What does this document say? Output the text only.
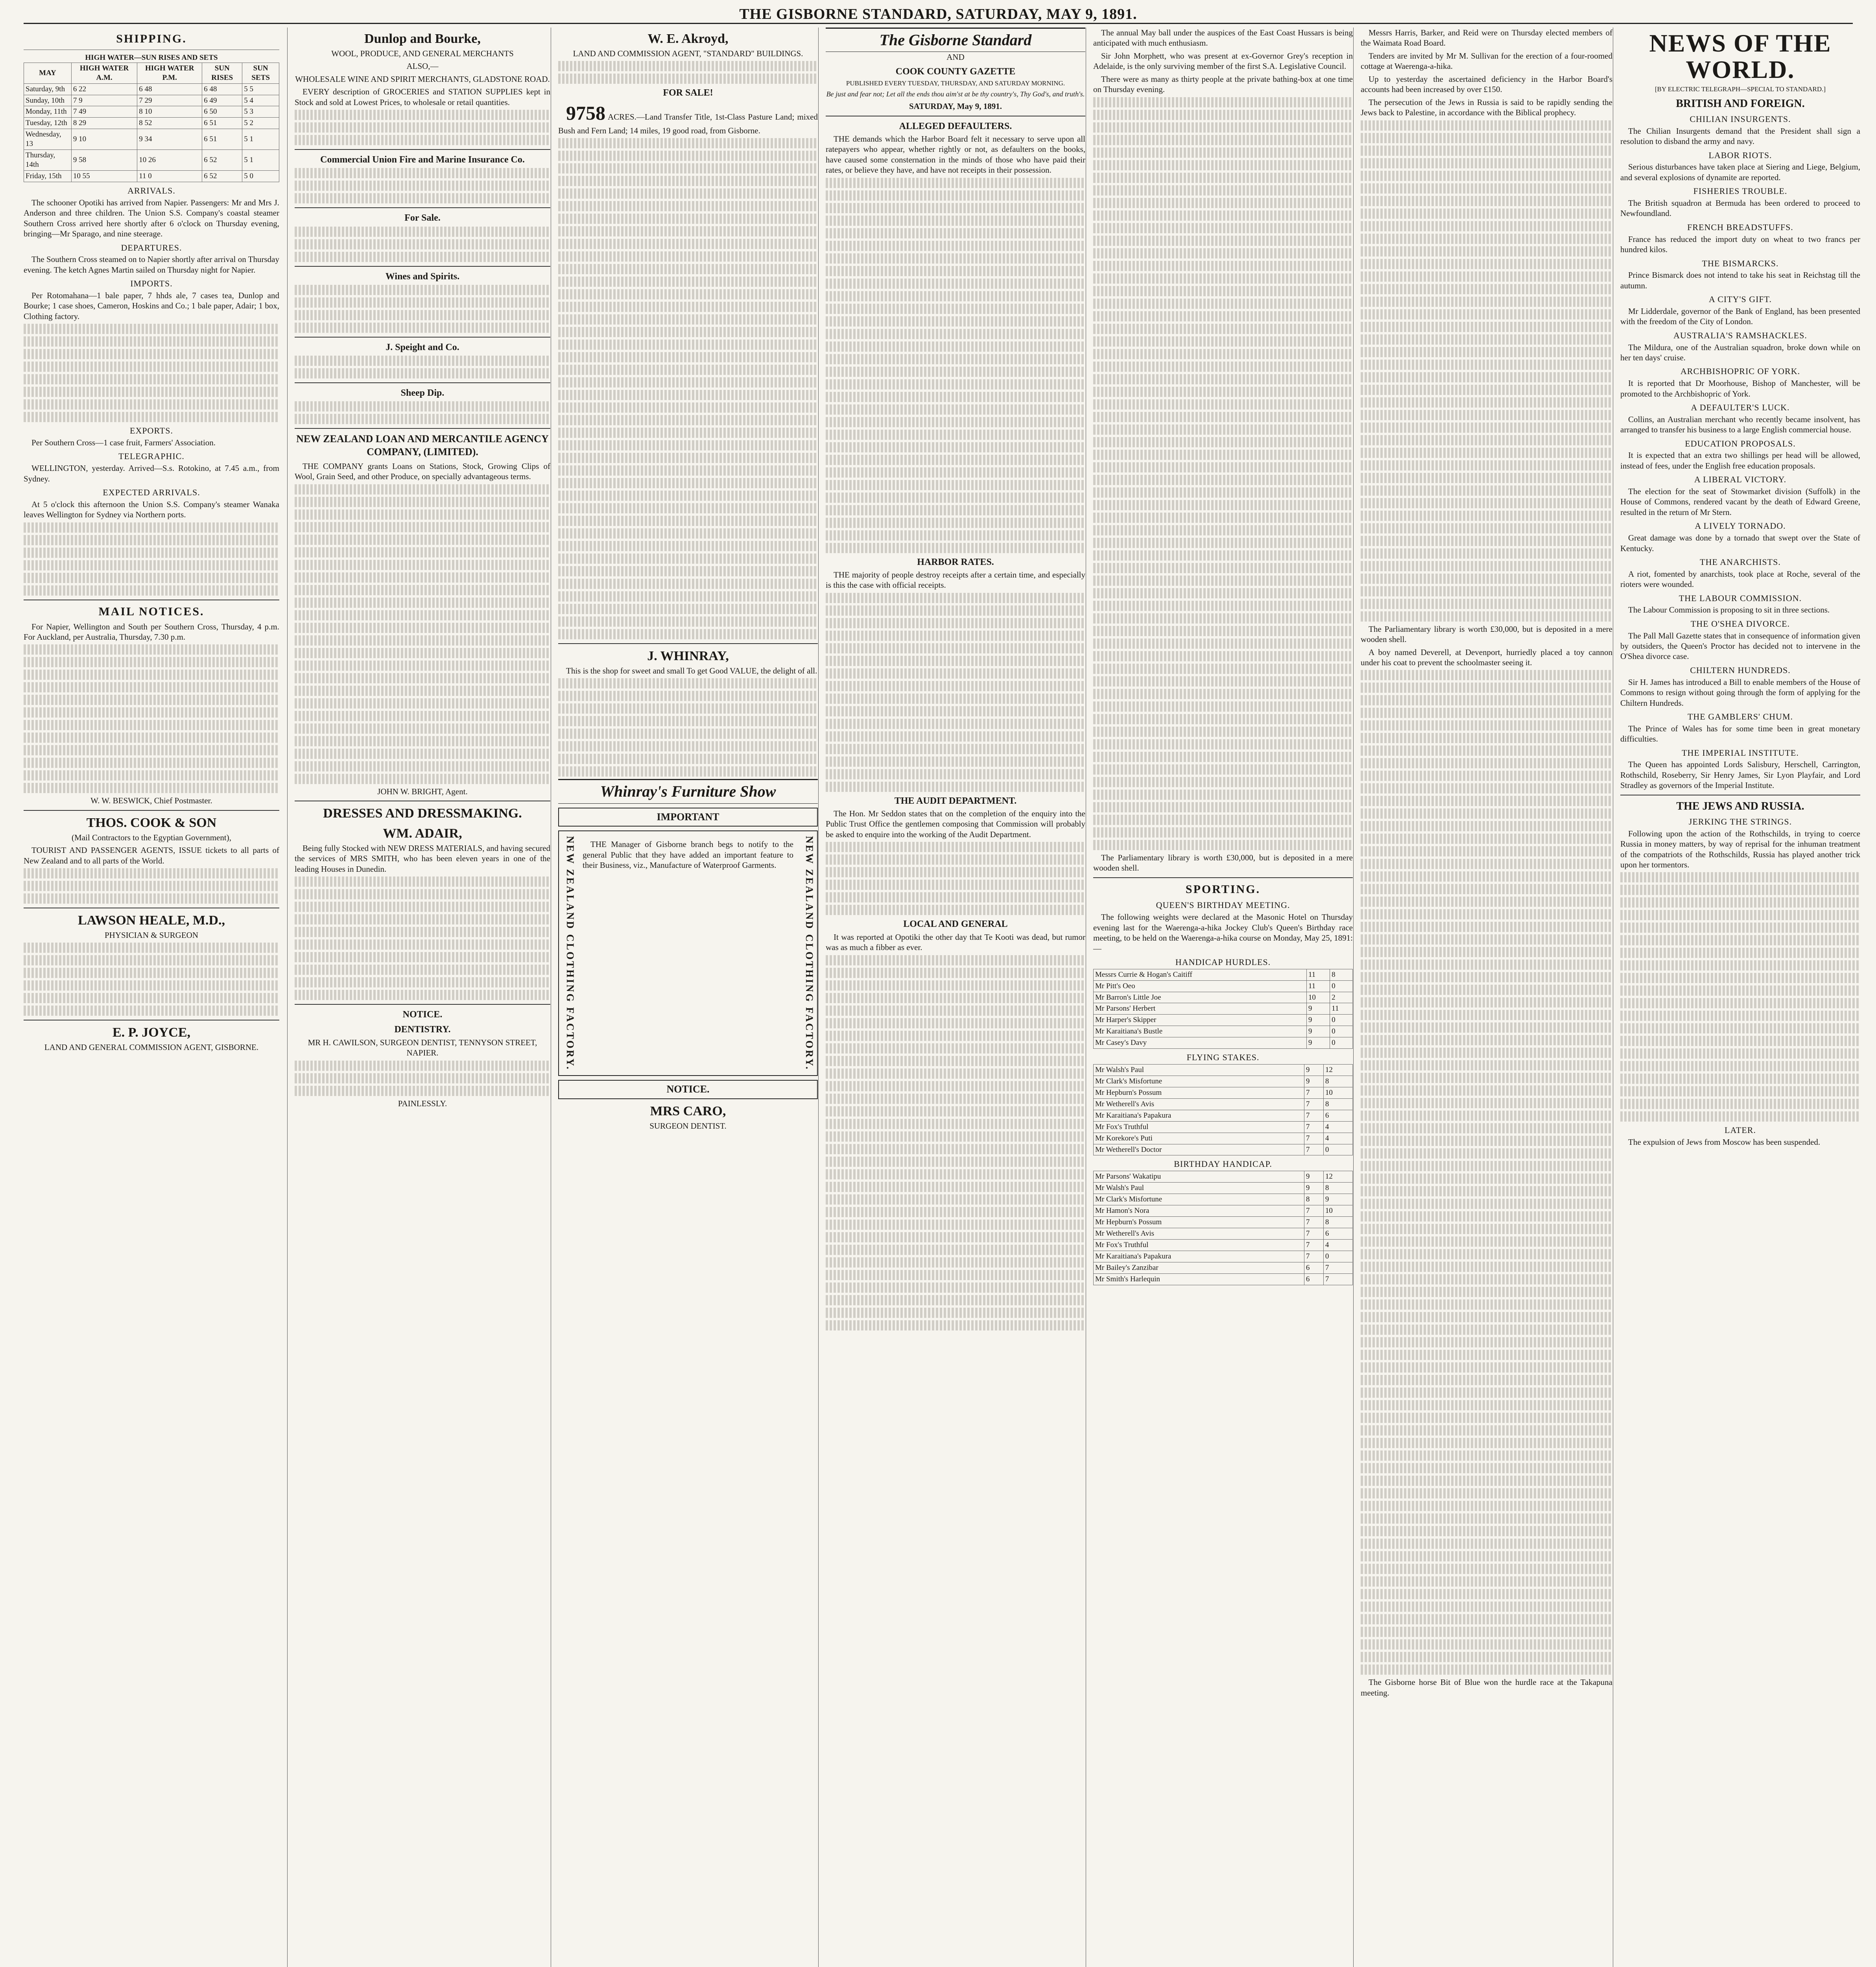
THE GISBORNE STANDARD, SATURDAY, MAY 9, 1891.
SHIPPING.
HIGH WATER—SUN RISES AND SETS
MAY	HIGH WATER A.M.	HIGH WATER P.M.	SUN RISES	SUN SETS
Saturday, 9th	6 22	6 48	6 48	5 5
Sunday, 10th	7 9	7 29	6 49	5 4
Monday, 11th	7 49	8 10	6 50	5 3
Tuesday, 12th	8 29	8 52	6 51	5 2
Wednesday, 13	9 10	9 34	6 51	5 1
Thursday, 14th	9 58	10 26	6 52	5 1
Friday, 15th	10 55	11 0	6 52	5 0
ARRIVALS.

The schooner Opotiki has arrived from Napier. Passengers: Mr and Mrs J. Anderson and three children. The Union S.S. Company's coastal steamer Southern Cross arrived here shortly after 6 o'clock on Thursday evening, bringing—Mr Sparago, and nine steerage.

DEPARTURES.

The Southern Cross steamed on to Napier shortly after arrival on Thursday evening. The ketch Agnes Martin sailed on Thursday night for Napier.

IMPORTS.

Per Rotomahana—1 bale paper, 7 hhds ale, 7 cases tea, Dunlop and Bourke; 1 case shoes, Cameron, Hoskins and Co.; 1 bale paper, Adair; 1 box, Clothing factory.

EXPORTS.

Per Southern Cross—1 case fruit, Farmers' Association.

TELEGRAPHIC.

WELLINGTON, yesterday. Arrived—S.s. Rotokino, at 7.45 a.m., from Sydney.

EXPECTED ARRIVALS.

At 5 o'clock this afternoon the Union S.S. Company's steamer Wanaka leaves Wellington for Sydney via Northern ports.

MAIL NOTICES.

For Napier, Wellington and South per Southern Cross, Thursday, 4 p.m. For Auckland, per Australia, Thursday, 7.30 p.m.

W. W. BESWICK, Chief Postmaster.

THOS. COOK & SON

(Mail Contractors to the Egyptian Government),

TOURIST AND PASSENGER AGENTS, ISSUE tickets to all parts of New Zealand and to all parts of the World.

LAWSON HEALE, M.D.,

PHYSICIAN & SURGEON

E. P. JOYCE,

LAND AND GENERAL COMMISSION AGENT, GISBORNE.

Dunlop and Bourke,

WOOL, PRODUCE, AND GENERAL MERCHANTS

ALSO,—

WHOLESALE WINE AND SPIRIT MERCHANTS, GLADSTONE ROAD.

EVERY description of GROCERIES and STATION SUPPLIES kept in Stock and sold at Lowest Prices, to wholesale or retail quantities.

Commercial Union Fire and Marine Insurance Co.
For Sale.
Wines and Spirits.
J. Speight and Co.
Sheep Dip.

NEW ZEALAND LOAN AND MERCANTILE AGENCY COMPANY, (LIMITED).

THE COMPANY grants Loans on Stations, Stock, Growing Clips of Wool, Grain Seed, and other Produce, on specially advantageous terms.

JOHN W. BRIGHT, Agent.

DRESSES AND DRESSMAKING.
WM. ADAIR,

Being fully Stocked with NEW DRESS MATERIALS, and having secured the services of MRS SMITH, who has been eleven years in one of the leading Houses in Dunedin.

NOTICE.
DENTISTRY.

MR H. CAWILSON, SURGEON DENTIST, TENNYSON STREET, NAPIER.

PAINLESSLY.

W. E. Akroyd,

LAND AND COMMISSION AGENT, "STANDARD" BUILDINGS.

FOR SALE!

9758 ACRES.—Land Transfer Title, 1st-Class Pasture Land; mixed Bush and Fern Land; 14 miles, 19 good road, from Gisborne.

J. WHINRAY,

This is the shop for sweet and small To get Good VALUE, the delight of all.

Whinray's Furniture Show
IMPORTANT
NEW ZEALAND CLOTHING FACTORY.	NEW ZEALAND CLOTHING FACTORY.

THE Manager of Gisborne branch begs to notify to the general Public that they have added an important feature to their Business, viz., Manufacture of Waterproof Garments.

NOTICE.
MRS CARO,

SURGEON DENTIST.

The Gisborne Standard

AND

COOK COUNTY GAZETTE

PUBLISHED EVERY TUESDAY, THURSDAY, AND SATURDAY MORNING.

Be just and fear not; Let all the ends thou aim'st at be thy country's, Thy God's, and truth's.

SATURDAY, May 9, 1891.

ALLEGED DEFAULTERS.

THE demands which the Harbor Board felt it necessary to serve upon all ratepayers who appear, whether rightly or not, as defaulters on the books, have caused some consternation in the minds of those who have paid their rates, or believe they have, and have not receipts in their possession.

HARBOR RATES.

THE majority of people destroy receipts after a certain time, and especially is this the case with official receipts.

THE AUDIT DEPARTMENT.

The Hon. Mr Seddon states that on the completion of the enquiry into the Public Trust Office the gentlemen composing that Commission will probably be asked to enquire into the working of the Audit Department.

LOCAL AND GENERAL

It was reported at Opotiki the other day that Te Kooti was dead, but rumor was as much a fibber as ever.

The annual May ball under the auspices of the East Coast Hussars is being anticipated with much enthusiasm.

Sir John Morphett, who was present at ex-Governor Grey's reception in Adelaide, is the only surviving member of the first S.A. Legislative Council.

There were as many as thirty people at the private bathing-box at one time on Thursday evening.

The Parliamentary library is worth £30,000, but is deposited in a mere wooden shell.

SPORTING.
QUEEN'S BIRTHDAY MEETING.

The following weights were declared at the Masonic Hotel on Thursday evening last for the Waerenga-a-hika Jockey Club's Queen's Birthday race meeting, to be held on the Waerenga-a-hika course on Monday, May 25, 1891:—

HANDICAP HURDLES.
Messrs Currie & Hogan's Caitiff	11	8
Mr Pitt's Oeo	11	0
Mr Barron's Little Joe	10	2
Mr Parsons' Herbert	9	11
Mr Harper's Skipper	9	0
Mr Karaitiana's Bustle	9	0
Mr Casey's Davy	9	0
FLYING STAKES.
Mr Walsh's Paul	9	12
Mr Clark's Misfortune	9	8
Mr Hepburn's Possum	7	10
Mr Wetherell's Avis	7	8
Mr Karaitiana's Papakura	7	6
Mr Fox's Truthful	7	4
Mr Korekore's Puti	7	4
Mr Wetherell's Doctor	7	0
BIRTHDAY HANDICAP.
Mr Parsons' Wakatipu	9	12
Mr Walsh's Paul	9	8
Mr Clark's Misfortune	8	9
Mr Hamon's Nora	7	10
Mr Hepburn's Possum	7	8
Mr Wetherell's Avis	7	6
Mr Fox's Truthful	7	4
Mr Karaitiana's Papakura	7	0
Mr Bailey's Zanzibar	6	7
Mr Smith's Harlequin	6	7

Messrs Harris, Barker, and Reid were on Thursday elected members of the Waimata Road Board.

Tenders are invited by Mr M. Sullivan for the erection of a four-roomed cottage at Waerenga-a-hika.

Up to yesterday the ascertained deficiency in the Harbor Board's accounts had been increased by over £150.

The persecution of the Jews in Russia is said to be rapidly sending the Jews back to Palestine, in accordance with the Biblical prophecy.

The Parliamentary library is worth £30,000, but is deposited in a mere wooden shell.

A boy named Deverell, at Devenport, hurriedly placed a toy cannon under his coat to prevent the schoolmaster seeing it.

The Gisborne horse Bit of Blue won the hurdle race at the Takapuna meeting.

NEWS OF THE WORLD.

[BY ELECTRIC TELEGRAPH—SPECIAL TO STANDARD.]

BRITISH AND FOREIGN.
CHILIAN INSURGENTS.

The Chilian Insurgents demand that the President shall sign a resolution to disband the army and navy.

LABOR RIOTS.

Serious disturbances have taken place at Siering and Liege, Belgium, and several explosions of dynamite are reported.

FISHERIES TROUBLE.

The British squadron at Bermuda has been ordered to proceed to Newfoundland.

FRENCH BREADSTUFFS.

France has reduced the import duty on wheat to two francs per hundred kilos.

THE BISMARCKS.

Prince Bismarck does not intend to take his seat in Reichstag till the autumn.

A CITY'S GIFT.

Mr Lidderdale, governor of the Bank of England, has been presented with the freedom of the City of London.

AUSTRALIA'S RAMSHACKLES.

The Mildura, one of the Australian squadron, broke down while on her ten days' cruise.

ARCHBISHOPRIC OF YORK.

It is reported that Dr Moorhouse, Bishop of Manchester, will be promoted to the Archbishopric of York.

A DEFAULTER'S LUCK.

Collins, an Australian merchant who recently became insolvent, has arranged to transfer his business to a large English commercial house.

EDUCATION PROPOSALS.

It is expected that an extra two shillings per head will be allowed, instead of fees, under the English free education proposals.

A LIBERAL VICTORY.

The election for the seat of Stowmarket division (Suffolk) in the House of Commons, rendered vacant by the death of Edward Greene, resulted in the return of Mr Stern.

A LIVELY TORNADO.

Great damage was done by a tornado that swept over the State of Kentucky.

THE ANARCHISTS.

A riot, fomented by anarchists, took place at Roche, several of the rioters were wounded.

THE LABOUR COMMISSION.

The Labour Commission is proposing to sit in three sections.

THE O'SHEA DIVORCE.

The Pall Mall Gazette states that in consequence of information given by outsiders, the Queen's Proctor has decided not to intervene in the O'Shea divorce case.

CHILTERN HUNDREDS.

Sir H. James has introduced a Bill to enable members of the House of Commons to resign without going through the form of applying for the Chiltern Hundreds.

THE GAMBLERS' CHUM.

The Prince of Wales has for some time been in great monetary difficulties.

THE IMPERIAL INSTITUTE.

The Queen has appointed Lords Salisbury, Herschell, Carrington, Rothschild, Roseberry, Sir Henry James, Sir Lyon Playfair, and Lord Stradley as governors of the Imperial Institute.

THE JEWS AND RUSSIA.
JERKING THE STRINGS.

Following upon the action of the Rothschilds, in trying to coerce Russia in money matters, by way of reprisal for the inhuman treatment of the compatriots of the Rothschilds, Russia has played another trick upon her tormentors.

LATER.

The expulsion of Jews from Moscow has been suspended.
